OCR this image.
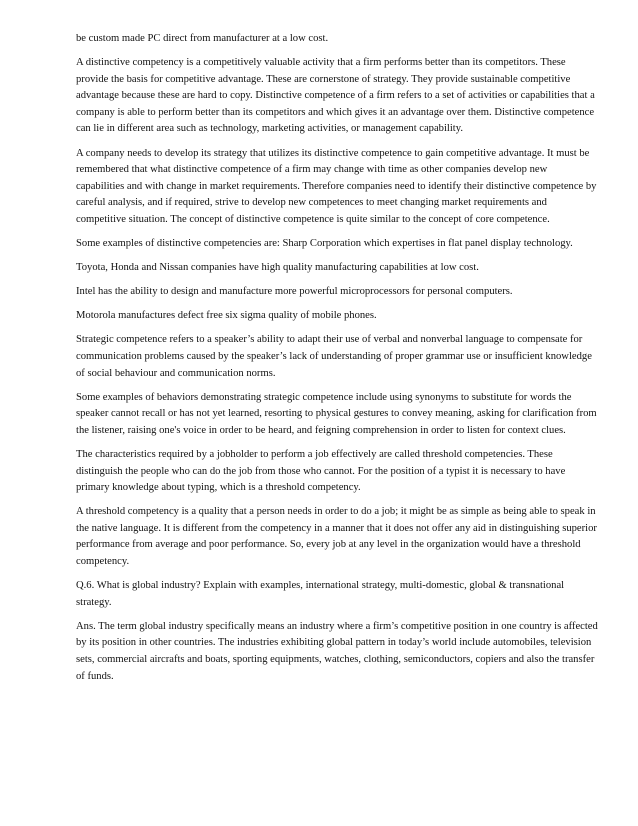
be custom made PC direct from manufacturer at a low cost.

A distinctive competency is a competitively valuable activity that a firm performs better than its competitors. These provide the basis for competitive advantage. These are cornerstone of strategy. They provide sustainable competitive advantage because these are hard to copy. Distinctive competence of a firm refers to a set of activities or capabilities that a company is able to perform better than its competitors and which gives it an advantage over them. Distinctive competence can lie in different area such as technology, marketing activities, or management capability.

A company needs to develop its strategy that utilizes its distinctive competence to gain competitive advantage. It must be remembered that what distinctive competence of a firm may change with time as other companies develop new capabilities and with change in market requirements. Therefore companies need to identify their distinctive competence by careful analysis, and if required, strive to develop new competences to meet changing market requirements and competitive situation. The concept of distinctive competence is quite similar to the concept of core competence.

Some examples of distinctive competencies are: Sharp Corporation which expertises in flat panel display technology.

Toyota, Honda and Nissan companies have high quality manufacturing capabilities at low cost.

Intel has the ability to design and manufacture more powerful microprocessors for personal computers.

Motorola manufactures defect free six sigma quality of mobile phones.

Strategic competence refers to a speaker’s ability to adapt their use of verbal and nonverbal language to compensate for communication problems caused by the speaker’s lack of understanding of proper grammar use or insufficient knowledge of social behaviour and communication norms.

Some examples of behaviors demonstrating strategic competence include using synonyms to substitute for words the speaker cannot recall or has not yet learned, resorting to physical gestures to convey meaning, asking for clarification from the listener, raising one's voice in order to be heard, and feigning comprehension in order to listen for context clues.

The characteristics required by a jobholder to perform a job effectively are called threshold competencies. These distinguish the people who can do the job from those who cannot. For the position of a typist it is necessary to have primary knowledge about typing, which is a threshold competency.

A threshold competency is a quality that a person needs in order to do a job; it might be as simple as being able to speak in the native language. It is different from the competency in a manner that it does not offer any aid in distinguishing superior performance from average and poor performance. So, every job at any level in the organization would have a threshold competency.

Q.6. What is global industry? Explain with examples, international strategy, multi-domestic, global & transnational strategy.

Ans. The term global industry specifically means an industry where a firm’s competitive position in one country is affected by its position in other countries. The industries exhibiting global pattern in today’s world include automobiles, television sets, commercial aircrafts and boats, sporting equipments, watches, clothing, semiconductors, copiers and also the transfer of funds.
